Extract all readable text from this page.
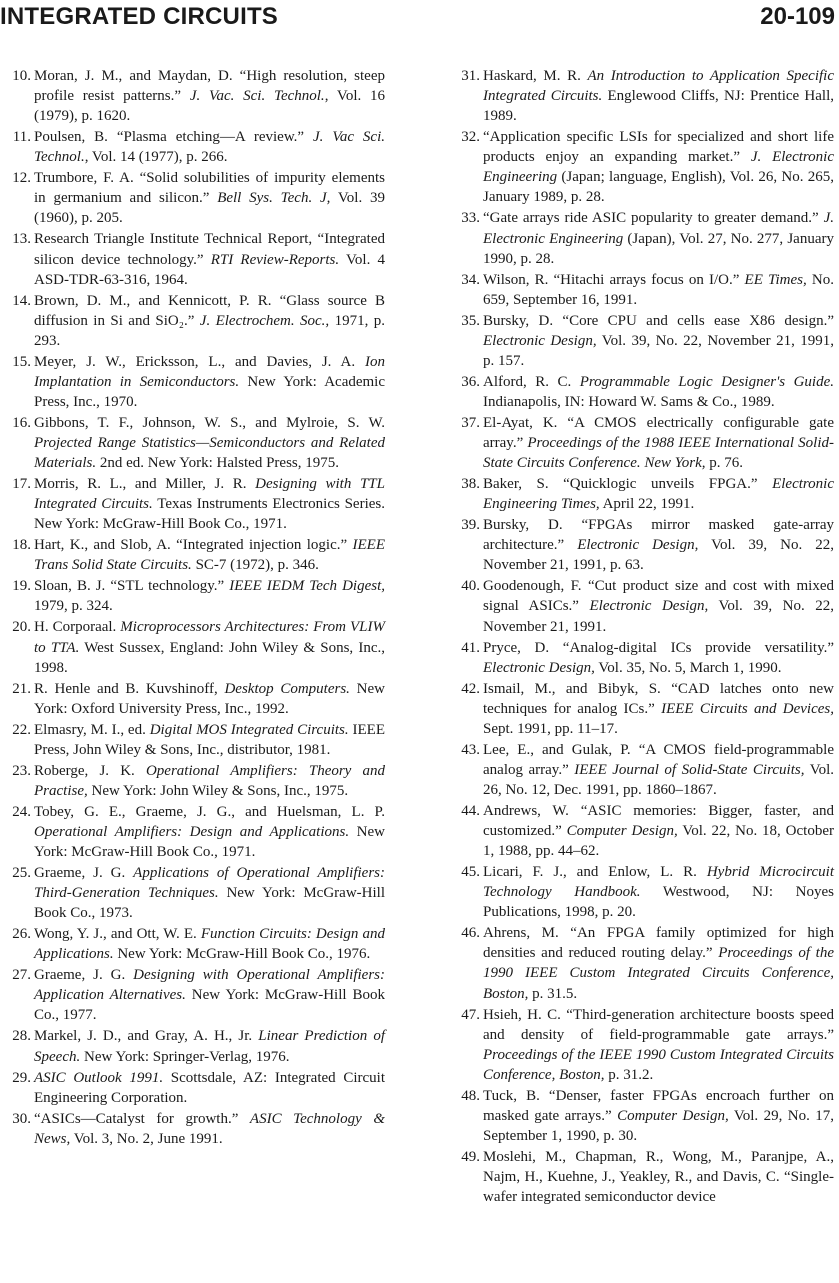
INTEGRATED CIRCUITS	20-109
10. Moran, J. M., and Maydan, D. “High resolution, steep profile resist patterns.” J. Vac. Sci. Technol., Vol. 16 (1979), p. 1620.
11. Poulsen, B. “Plasma etching—A review.” J. Vac Sci. Technol., Vol. 14 (1977), p. 266.
12. Trumbore, F. A. “Solid solubilities of impurity elements in germanium and silicon.” Bell Sys. Tech. J, Vol. 39 (1960), p. 205.
13. Research Triangle Institute Technical Report, “Integrated silicon device technology.” RTI Review-Reports. Vol. 4 ASD-TDR-63-316, 1964.
14. Brown, D. M., and Kennicott, P. R. “Glass source B diffusion in Si and SiO₂.” J. Electrochem. Soc., 1971, p. 293.
15. Meyer, J. W., Ericksson, L., and Davies, J. A. Ion Implantation in Semiconductors. New York: Academic Press, Inc., 1970.
16. Gibbons, T. F., Johnson, W. S., and Mylroie, S. W. Projected Range Statistics—Semiconductors and Related Materials. 2nd ed. New York: Halsted Press, 1975.
17. Morris, R. L., and Miller, J. R. Designing with TTL Integrated Circuits. Texas Instruments Electronics Series. New York: McGraw-Hill Book Co., 1971.
18. Hart, K., and Slob, A. “Integrated injection logic.” IEEE Trans Solid State Circuits. SC-7 (1972), p. 346.
19. Sloan, B. J. “STL technology.” IEEE IEDM Tech Digest, 1979, p. 324.
20. H. Corporaal. Microprocessors Architectures: From VLIW to TTA. West Sussex, England: John Wiley & Sons, Inc., 1998.
21. R. Henle and B. Kuvshinoff, Desktop Computers. New York: Oxford University Press, Inc., 1992.
22. Elmasry, M. I., ed. Digital MOS Integrated Circuits. IEEE Press, John Wiley & Sons, Inc., distributor, 1981.
23. Roberge, J. K. Operational Amplifiers: Theory and Practise, New York: John Wiley & Sons, Inc., 1975.
24. Tobey, G. E., Graeme, J. G., and Huelsman, L. P. Operational Amplifiers: Design and Applications. New York: McGraw-Hill Book Co., 1971.
25. Graeme, J. G. Applications of Operational Amplifiers: Third-Generation Techniques. New York: McGraw-Hill Book Co., 1973.
26. Wong, Y. J., and Ott, W. E. Function Circuits: Design and Applications. New York: McGraw-Hill Book Co., 1976.
27. Graeme, J. G. Designing with Operational Amplifiers: Application Alternatives. New York: McGraw-Hill Book Co., 1977.
28. Markel, J. D., and Gray, A. H., Jr. Linear Prediction of Speech. New York: Springer-Verlag, 1976.
29. ASIC Outlook 1991. Scottsdale, AZ: Integrated Circuit Engineering Corporation.
30. “ASICs—Catalyst for growth.” ASIC Technology & News, Vol. 3, No. 2, June 1991.
31. Haskard, M. R. An Introduction to Application Specific Integrated Circuits. Englewood Cliffs, NJ: Prentice Hall, 1989.
32. “Application specific LSIs for specialized and short life products enjoy an expanding market.” J. Electronic Engineering (Japan; language, English), Vol. 26, No. 265, January 1989, p. 28.
33. “Gate arrays ride ASIC popularity to greater demand.” J. Electronic Engineering (Japan), Vol. 27, No. 277, January 1990, p. 28.
34. Wilson, R. “Hitachi arrays focus on I/O.” EE Times, No. 659, September 16, 1991.
35. Bursky, D. “Core CPU and cells ease X86 design.” Electronic Design, Vol. 39, No. 22, November 21, 1991, p. 157.
36. Alford, R. C. Programmable Logic Designer's Guide. Indianapolis, IN: Howard W. Sams & Co., 1989.
37. El-Ayat, K. “A CMOS electrically configurable gate array.” Proceedings of the 1988 IEEE International Solid-State Circuits Conference. New York, p. 76.
38. Baker, S. “Quicklogic unveils FPGA.” Electronic Engineering Times, April 22, 1991.
39. Bursky, D. “FPGAs mirror masked gate-array architecture.” Electronic Design, Vol. 39, No. 22, November 21, 1991, p. 63.
40. Goodenough, F. “Cut product size and cost with mixed signal ASICs.” Electronic Design, Vol. 39, No. 22, November 21, 1991.
41. Pryce, D. “Analog-digital ICs provide versatility.” Electronic Design, Vol. 35, No. 5, March 1, 1990.
42. Ismail, M., and Bibyk, S. “CAD latches onto new techniques for analog ICs.” IEEE Circuits and Devices, Sept. 1991, pp. 11–17.
43. Lee, E., and Gulak, P. “A CMOS field-programmable analog array.” IEEE Journal of Solid-State Circuits, Vol. 26, No. 12, Dec. 1991, pp. 1860–1867.
44. Andrews, W. “ASIC memories: Bigger, faster, and customized.” Computer Design, Vol. 22, No. 18, October 1, 1988, pp. 44–62.
45. Licari, F. J., and Enlow, L. R. Hybrid Microcircuit Technology Handbook. Westwood, NJ: Noyes Publications, 1998, p. 20.
46. Ahrens, M. “An FPGA family optimized for high densities and reduced routing delay.” Proceedings of the 1990 IEEE Custom Integrated Circuits Conference, Boston, p. 31.5.
47. Hsieh, H. C. “Third-generation architecture boosts speed and density of field-programmable gate arrays.” Proceedings of the IEEE 1990 Custom Integrated Circuits Conference, Boston, p. 31.2.
48. Tuck, B. “Denser, faster FPGAs encroach further on masked gate arrays.” Computer Design, Vol. 29, No. 17, September 1, 1990, p. 30.
49. Moslehi, M., Chapman, R., Wong, M., Paranjpe, A., Najm, H., Kuehne, J., Yeakley, R., and Davis, C. “Single-wafer integrated semiconductor device
